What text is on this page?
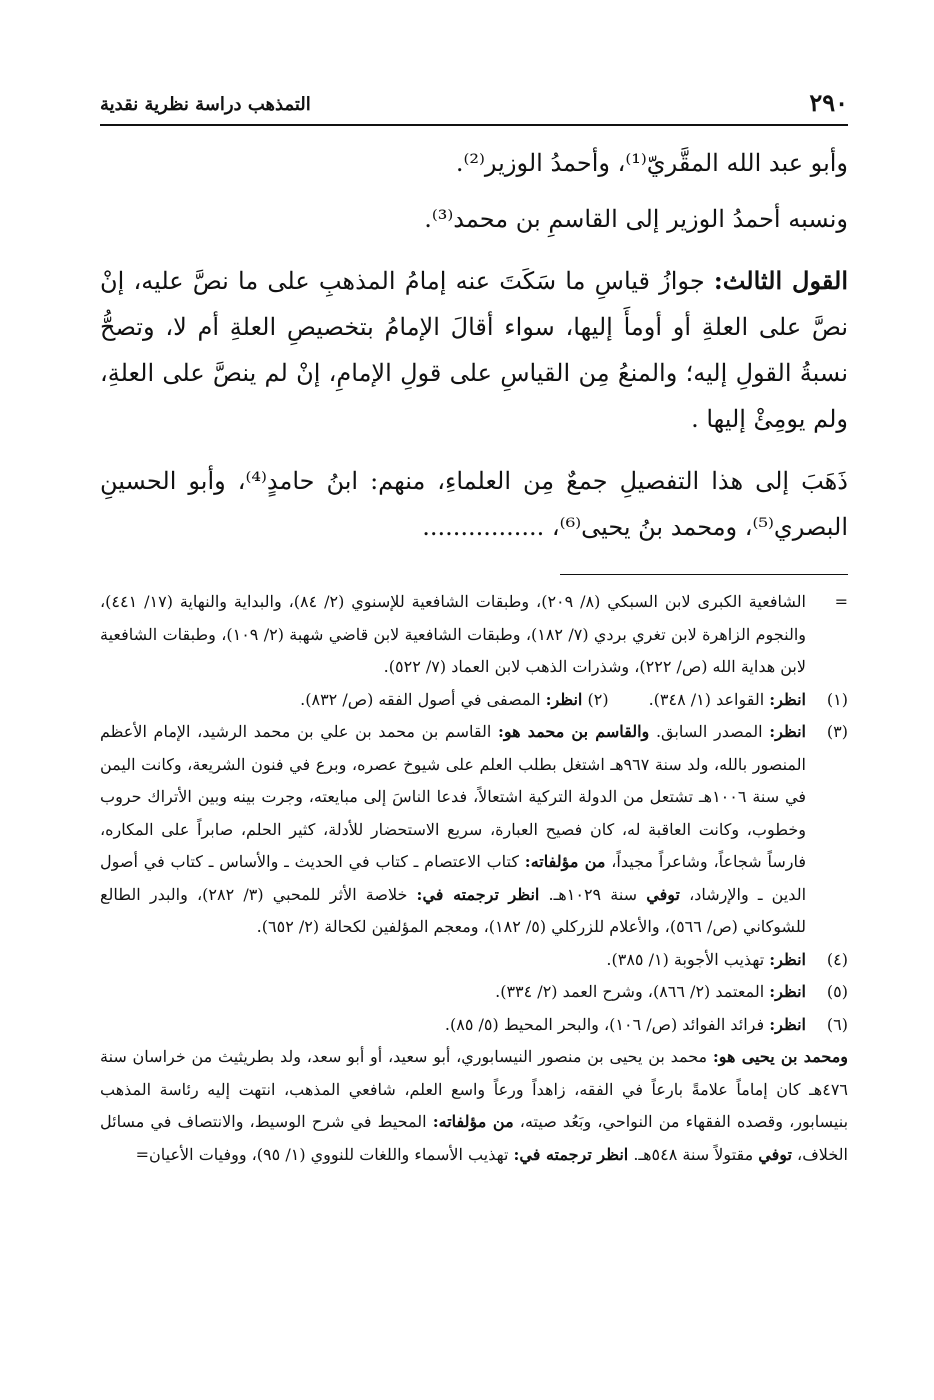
٢٩٠
التمذهب دراسة نظرية نقدية

وأبو عبد الله المقَّريّ⁽¹⁾، وأحمدُ الوزير⁽²⁾.

ونسبه أحمدُ الوزير إلى القاسمِ بن محمد⁽³⁾.

القول الثالث: جوازُ قياسِ ما سَكَتَ عنه إمامُ المذهبِ على ما نصَّ عليه، إنْ نصَّ على العلةِ أو أومأَ إليها، سواء أقالَ الإمامُ بتخصيصِ العلةِ أم لا، وتصحُّ نسبةُ القولِ إليه؛ والمنعُ مِن القياسِ على قولِ الإمامِ، إنْ لم ينصَّ على العلةِ، ولم يومِئْ إليها .

ذَهَبَ إلى هذا التفصيلِ جمعٌ مِن العلماءِ، منهم: ابنُ حامدٍ⁽⁴⁾، وأبو الحسينِ البصري⁽⁵⁾، ومحمد بنُ يحيى⁽⁶⁾، ................

=
الشافعية الكبرى لابن السبكي (٨/ ٢٠٩)، وطبقات الشافعية للإسنوي (٢/ ٨٤)، والبداية والنهاية (١٧/ ٤٤١)، والنجوم الزاهرة لابن تغري بردي (٧/ ١٨٢)، وطبقات الشافعية لابن قاضي شهبة (٢/ ١٠٩)، وطبقات الشافعية لابن هداية الله (ص/ ٢٢٢)، وشذرات الذهب لابن العماد (٧/ ٥٢٢).

(١)
انظر: القواعد (١/ ٣٤٨).(٢) انظر: المصفى في أصول الفقه (ص/ ٨٣٢).

(٣)
انظر: المصدر السابق. والقاسم بن محمد هو: القاسم بن محمد بن علي بن محمد الرشيد، الإمام الأعظم المنصور بالله، ولد سنة ٩٦٧هـ اشتغل بطلب العلم على شيوخ عصره، وبرع في فنون الشريعة، وكانت اليمن في سنة ١٠٠٦هـ تشتعل من الدولة التركية اشتعالاً، فدعا الناسَ إلى مبايعته، وجرت بينه وبين الأتراك حروب وخطوب، وكانت العاقبة له، كان فصيح العبارة، سريع الاستحضار للأدلة، كثير الحلم، صابراً على المكاره، فارساً شجاعاً، وشاعراً مجيداً، من مؤلفاته: كتاب الاعتصام ـ كتاب في الحديث ـ والأساس ـ كتاب في أصول الدين ـ والإرشاد، توفي سنة ١٠٢٩هـ. انظر ترجمته في: خلاصة الأثر للمحبي (٣/ ٢٨٢)، والبدر الطالع للشوكاني (ص/ ٥٦٦)، والأعلام للزركلي (٥/ ١٨٢)، ومعجم المؤلفين لكحالة (٢/ ٦٥٢).

(٤)
انظر: تهذيب الأجوبة (١/ ٣٨٥).

(٥)
انظر: المعتمد (٢/ ٨٦٦)، وشرح العمد (٢/ ٣٣٤).

(٦)
انظر: فرائد الفوائد (ص/ ١٠٦)، والبحر المحيط (٥/ ٨٥).

ومحمد بن يحيى هو: محمد بن يحيى بن منصور النيسابوري، أبو سعيد، أو أبو سعد، ولد بطريثيث من خراسان سنة ٤٧٦هـ كان إماماً علامةً بارعاً في الفقه، زاهداً ورعاً واسع العلم، شافعي المذهب، انتهت إليه رئاسة المذهب بنيسابور، وقصده الفقهاء من النواحي، وبَعُد صيته، من مؤلفاته: المحيط في شرح الوسيط، والانتصاف في مسائل الخلاف، توفي مقتولاً سنة ٥٤٨هـ. انظر ترجمته في: تهذيب الأسماء واللغات للنووي (١/ ٩٥)، ووفيات الأعيان=
